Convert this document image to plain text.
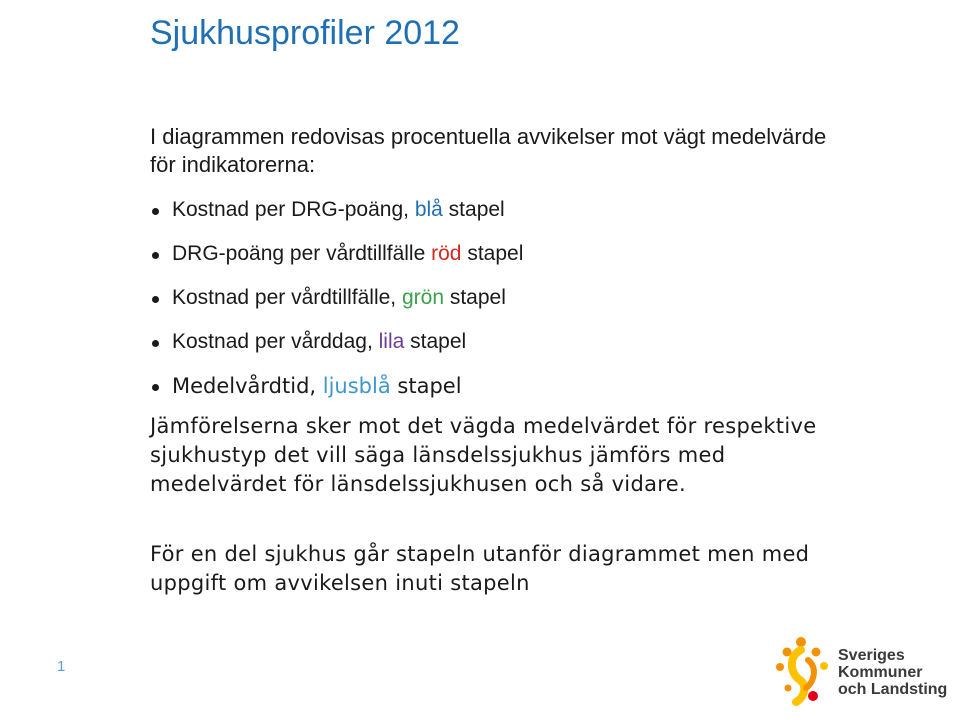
Sjukhusprofiler 2012
I diagrammen redovisas procentuella avvikelser mot vägt medelvärde för indikatorerna:
Kostnad per DRG-poäng, blå stapel
DRG-poäng per vårdtillfälle röd stapel
Kostnad per vårdtillfälle, grön stapel
Kostnad per vårddag, lila stapel
Medelvårdtid, ljusblå stapel
Jämförelserna sker mot det vägda medelvärdet för respektive sjukhustyp det vill säga länsdelssjukhus jämförs med medelvärdet för länsdelssjukhusen och så vidare.
För en del sjukhus går stapeln utanför diagrammet men med uppgift om avvikelsen inuti stapeln
1
Sveriges
Kommuner
och Landsting
